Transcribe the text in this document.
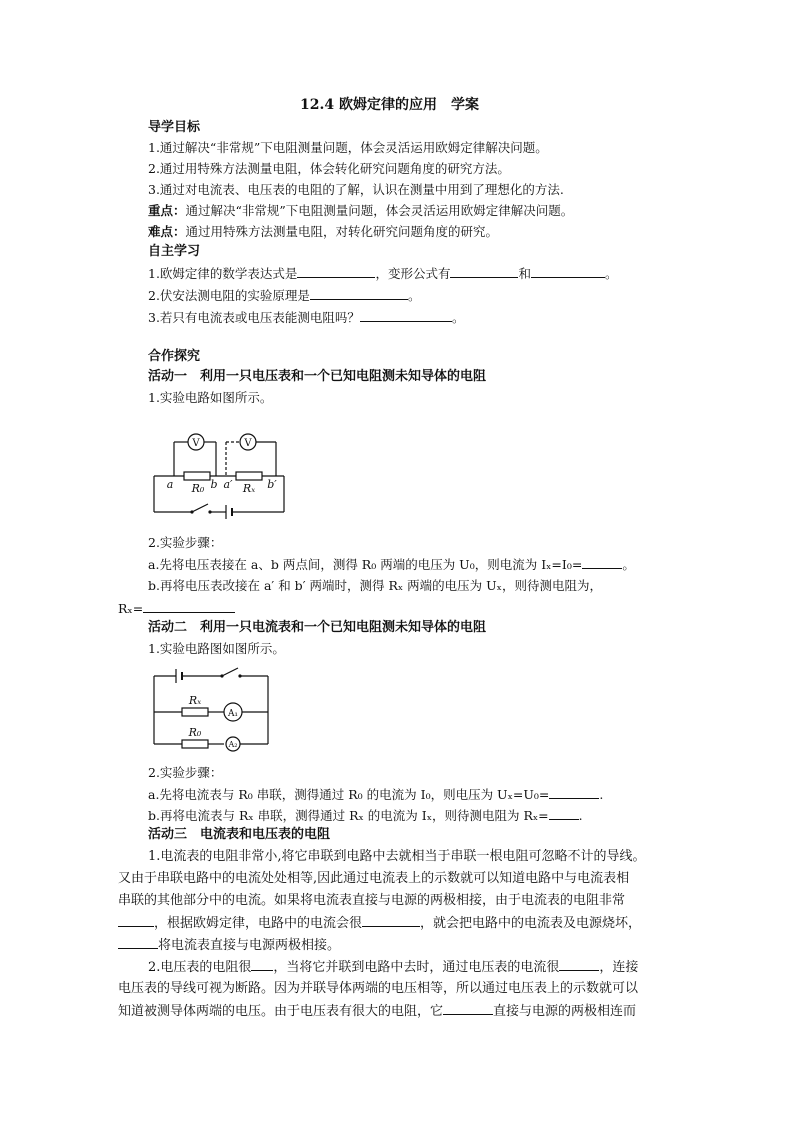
12.4 欧姆定律的应用　学案
导学目标
1.通过解决“非常规”下电阻测量问题，体会灵活运用欧姆定律解决问题。
2.通过用特殊方法测量电阻，体会转化研究问题角度的研究方法。
3.通过对电流表、电压表的电阻的了解，认识在测量中用到了理想化的方法.
重点：通过解决“非常规”下电阻测量问题，体会灵活运用欧姆定律解决问题。
难点：通过用特殊方法测量电阻，对转化研究问题角度的研究。
自主学习
1.欧姆定律的数学表达式是	，变形公式有	和	。
2.伏安法测电阻的实验原理是	。
3.若只有电流表或电压表能测电阻吗？	。
合作探究
活动一　利用一只电压表和一个已知电阻测未知导体的电阻
1.实验电路如图所示。
V	V
R₀	Rₓ
a	b a′	b′
2.实验步骤：
a.先将电压表接在 a、b 两点间，测得 R₀ 两端的电压为 U₀，则电流为 Iₓ=I₀=	。
b.再将电压表改接在 a′ 和 b′ 两端时，测得 Rₓ 两端的电压为 Uₓ，则待测电阻为，
Rₓ=
活动二　利用一只电流表和一个已知电阻测未知导体的电阻
1.实验电路图如图所示。
Rₓ
R₀
A₁
A₂
2.实验步骤：
a.先将电流表与 R₀ 串联，测得通过 R₀ 的电流为 I₀，则电压为 Uₓ=U₀=	.
b.再将电流表与 Rₓ 串联，测得通过 Rₓ 的电流为 Iₓ，则待测电阻为 Rₓ= .
活动三　电流表和电压表的电阻
1.电流表的电阻非常小,将它串联到电路中去就相当于串联一根电阻可忽略不计的导线。
又由于串联电路中的电流处处相等,因此通过电流表上的示数就可以知道电路中与电流表相
串联的其他部分中的电流。如果将电流表直接与电源的两极相接，由于电流表的电阻非常
，根据欧姆定律，电路中的电流会很	，就会把电路中的电流表及电源烧坏，
将电流表直接与电源两极相接。
2.电压表的电阻很 ，当将它并联到电路中去时，通过电压表的电流很	，连接
电压表的导线可视为断路。因为并联导体两端的电压相等，所以通过电压表上的示数就可以
知道被测导体两端的电压。由于电压表有很大的电阻，它	直接与电源的两极相连而
